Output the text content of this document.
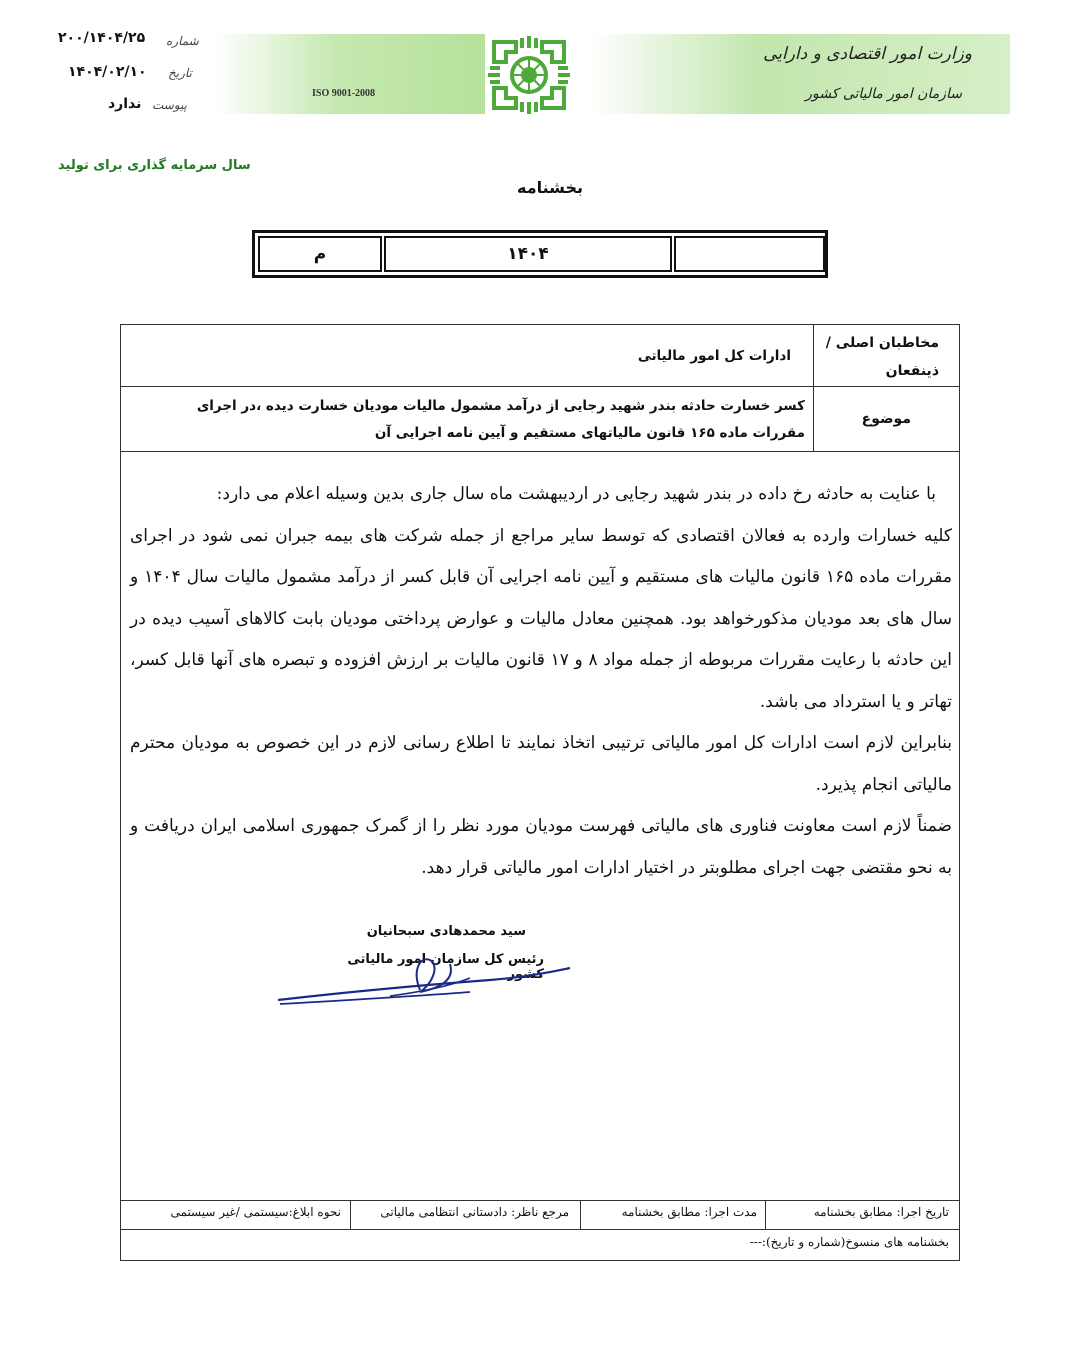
وزارت امور اقتصادی و دارایی
سازمان امور مالیاتی کشور
ISO 9001-2008
شماره
۲۰۰/۱۴۰۴/۲۵
تاریخ
۱۴۰۴/۰۲/۱۰
پیوست
ندارد
سال سرمایه گذاری برای تولید
بخشنامه
م	۱۴۰۴
مخاطبان اصلی / ذینفعان
ادارات کل امور مالیاتی
موضوع
کسر خسارت حادثه بندر شهید رجایی از درآمد مشمول مالیات مودیان خسارت دیده ،در اجرای مقررات ماده ۱۶۵ قانون مالیاتهای مستقیم و آیین نامه اجرایی آن
تاریخ اجرا: مطابق بخشنامه
مدت اجرا: مطابق بخشنامه
مرجع ناظر: دادستانی انتظامی مالیاتی
نحوه ابلاغ:سیستمی /غیر سیستمی
بخشنامه های منسوخ(شماره و تاریخ):---

با عنایت به حادثه رخ داده در بندر شهید رجایی در اردیبهشت ماه سال جاری بدین وسیله اعلام می دارد:

کلیه خسارات وارده به فعالان اقتصادی که توسط سایر مراجع از جمله شرکت های بیمه جبران نمی شود در اجرای مقررات ماده ۱۶۵ قانون مالیات های مستقیم و آیین نامه اجرایی آن قابل کسر از درآمد مشمول مالیات سال ۱۴۰۴ و سال های بعد مودیان مذکورخواهد بود. همچنین معادل مالیات و عوارض پرداختی مودیان بابت کالاهای آسیب دیده در این حادثه با رعایت مقررات مربوطه از جمله مواد ۸ و ۱۷ قانون مالیات بر ارزش افزوده و تبصره های آنها قابل کسر، تهاتر و یا استرداد می باشد.

بنابراین لازم است ادارات کل امور مالیاتی ترتیبی اتخاذ نمایند تا اطلاع رسانی لازم در این خصوص به مودیان محترم مالیاتی انجام پذیرد.

ضمناً لازم است معاونت فناوری های مالیاتی فهرست مودیان مورد نظر را از گمرک جمهوری اسلامی ایران دریافت و به نحو مقتضی جهت اجرای مطلوبتر در اختیار ادارات امور مالیاتی قرار دهد.

سید محمدهادی سبحانیان
رئیس کل سازمان امور مالیاتی کشور
